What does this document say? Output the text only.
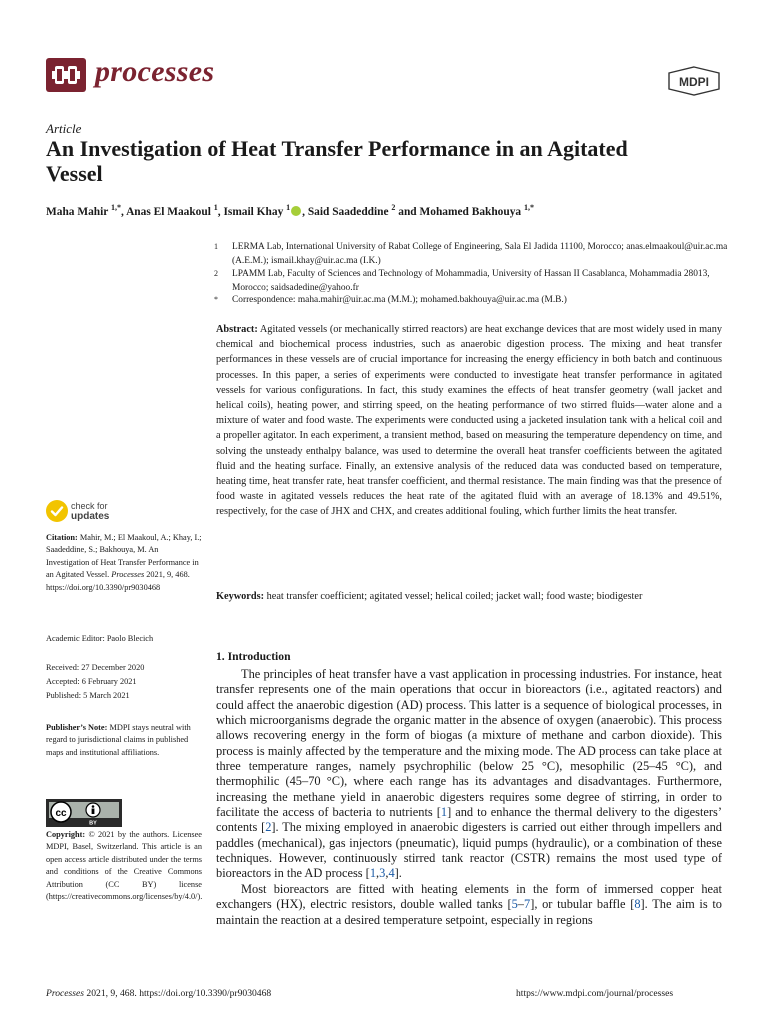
processes	MDPI
Article
An Investigation of Heat Transfer Performance in an Agitated Vessel
Maha Mahir $^{1,*}$, Anas El Maakoul $^1$, Ismail Khay $^1$ , Said Saadeddine $^2$ and Mohamed Bakhouya $^{1,*}$
1 LERMA Lab, International University of Rabat College of Engineering, Sala El Jadida 11100, Morocco; anas.elmaakoul@uir.ac.ma (A.E.M.); ismail.khay@uir.ac.ma (I.K.)
2 LPAMM Lab, Faculty of Sciences and Technology of Mohammadia, University of Hassan II Casablanca, Mohammadia 28013, Morocco; saidsadedine@yahoo.fr
* Correspondence: maha.mahir@uir.ac.ma (M.M.); mohamed.bakhouya@uir.ac.ma (M.B.)
Abstract: Agitated vessels (or mechanically stirred reactors) are heat exchange devices that are most widely used in many chemical and biochemical process industries, such as anaerobic digestion process. The mixing and heat transfer performances in these vessels are of crucial importance for increasing the energy efficiency in both batch and continuous processes. In this paper, a series of experiments were conducted to investigate heat transfer performance in agitated vessels for various configurations. In fact, this study examines the effects of heat transfer geometry (wall jacket and helical coils), heating power, and stirring speed, on the heating performance of two stirred fluids—water alone and a mixture of water and food waste. The experiments were conducted using a jacketed insulation tank with a helical coil and a propeller agitator. In each experiment, a transient method, based on measuring the temperature dependency on time, and solving the unsteady enthalpy balance, was used to determine the overall heat transfer coefficients between the agitated fluid and the heating surface. Finally, an extensive analysis of the reduced data was conducted based on temperature, heating time, heat transfer rate, heat transfer coefficient, and thermal resistance. The main finding was that the presence of food waste in agitated vessels reduces the heat rate of the agitated fluid with an average of 18.13% and 49.51%, respectively, for the case of JHX and CHX, and creates additional fouling, which further limits the heat transfer.
Keywords: heat transfer coefficient; agitated vessel; helical coiled; jacket wall; food waste; biodigester
check for
updates
Citation: Mahir, M.; El Maakoul, A.; Khay, I.; Saadeddine, S.; Bakhouya, M. An Investigation of Heat Transfer Performance in an Agitated Vessel. Processes 2021, 9, 468. https://doi.org/10.3390/pr9030468
Academic Editor: Paolo Blecich
Received: 27 December 2020
Accepted: 6 February 2021
Published: 5 March 2021
Publisher’s Note: MDPI stays neutral with regard to jurisdictional claims in published maps and institutional affiliations.
cc
BY
Copyright: © 2021 by the authors. Licensee MDPI, Basel, Switzerland. This article is an open access article distributed under the terms and conditions of the Creative Commons Attribution (CC BY) license (https://creativecommons.org/licenses/by/4.0/).
1. Introduction

The principles of heat transfer have a vast application in processing industries. For instance, heat transfer represents one of the main operations that occur in bioreactors (i.e., agitated reactors) and could affect the anaerobic digestion (AD) process. This latter is a sequence of biological processes, in which microorganisms degrade the organic matter in the absence of oxygen (anaerobic). This process allows recovering energy in the form of biogas (a mixture of methane and carbon dioxide). This process is mainly affected by the temperature and the mixing mode. The AD process can take place at three temperature ranges, namely psychrophilic (below 25 °C), mesophilic (25–45 °C), and thermophilic (45–70 °C), where each range has its advantages and disadvantages. Furthermore, increasing the methane yield in anaerobic digesters requires some degree of stirring, in order to facilitate the access of bacteria to nutrients [1] and to enhance the thermal delivery to the digesters’ contents [2]. The mixing employed in anaerobic digesters is carried out either through impellers and paddles (mechanical), gas injectors (pneumatic), liquid pumps (hydraulic), or a combination of these techniques. However, continuously stirred tank reactor (CSTR) remains the most used type of bioreactors in the AD process [1,3,4].

Most bioreactors are fitted with heating elements in the form of immersed copper heat exchangers (HX), electric resistors, double walled tanks [5–7], or tubular baffle [8]. The aim is to maintain the reaction at a desired temperature setpoint, especially in regions

Processes 2021, 9, 468. https://doi.org/10.3390/pr9030468	https://www.mdpi.com/journal/processes
